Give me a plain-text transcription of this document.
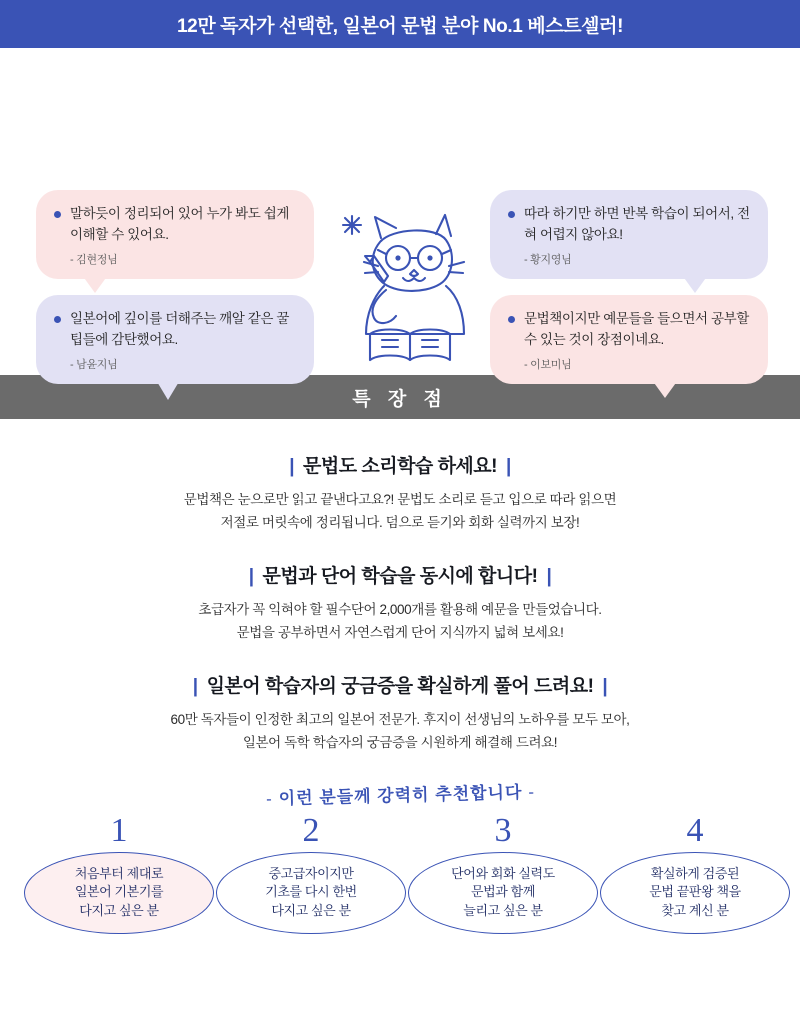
12만 독자가 선택한, 일본어 문법 분야 No.1 베스트셀러!

말하듯이 정리되어 있어 누가 봐도 쉽게 이해할 수 있어요.

- 김현정님

일본어에 깊이를 더해주는 깨알 같은 꿀팁들에 감탄했어요.

- 남윤지님

따라 하기만 하면 반복 학습이 되어서, 전혀 어렵지 않아요!

- 황지영님

문법책이지만 예문들을 들으면서 공부할 수 있는 것이 장점이네요.

- 이보미님
특 장 점
| 문법도 소리학습 하세요! |

문법책은 눈으로만 읽고 끝낸다고요?! 문법도 소리로 듣고 입으로 따라 읽으면

저절로 머릿속에 정리됩니다. 덤으로 듣기와 회화 실력까지 보장!

| 문법과 단어 학습을 동시에 합니다! |

초급자가 꼭 익혀야 할 필수단어 2,000개를 활용해 예문을 만들었습니다.

문법을 공부하면서 자연스럽게 단어 지식까지 넓혀 보세요!

| 일본어 학습자의 궁금증을 확실하게 풀어 드려요! |

60만 독자들이 인정한 최고의 일본어 전문가. 후지이 선생님의 노하우를 모두 모아,

일본어 독학 학습자의 궁금증을 시원하게 해결해 드려요!

- 이런 분들께 강력히 추천합니다 -
1
처음부터 제대로
일본어 기본기를
다지고 싶은 분
2
중고급자이지만
기초를 다시 한번
다지고 싶은 분
3
단어와 회화 실력도
문법과 함께
늘리고 싶은 분
4
확실하게 검증된
문법 끝판왕 책을
찾고 계신 분
